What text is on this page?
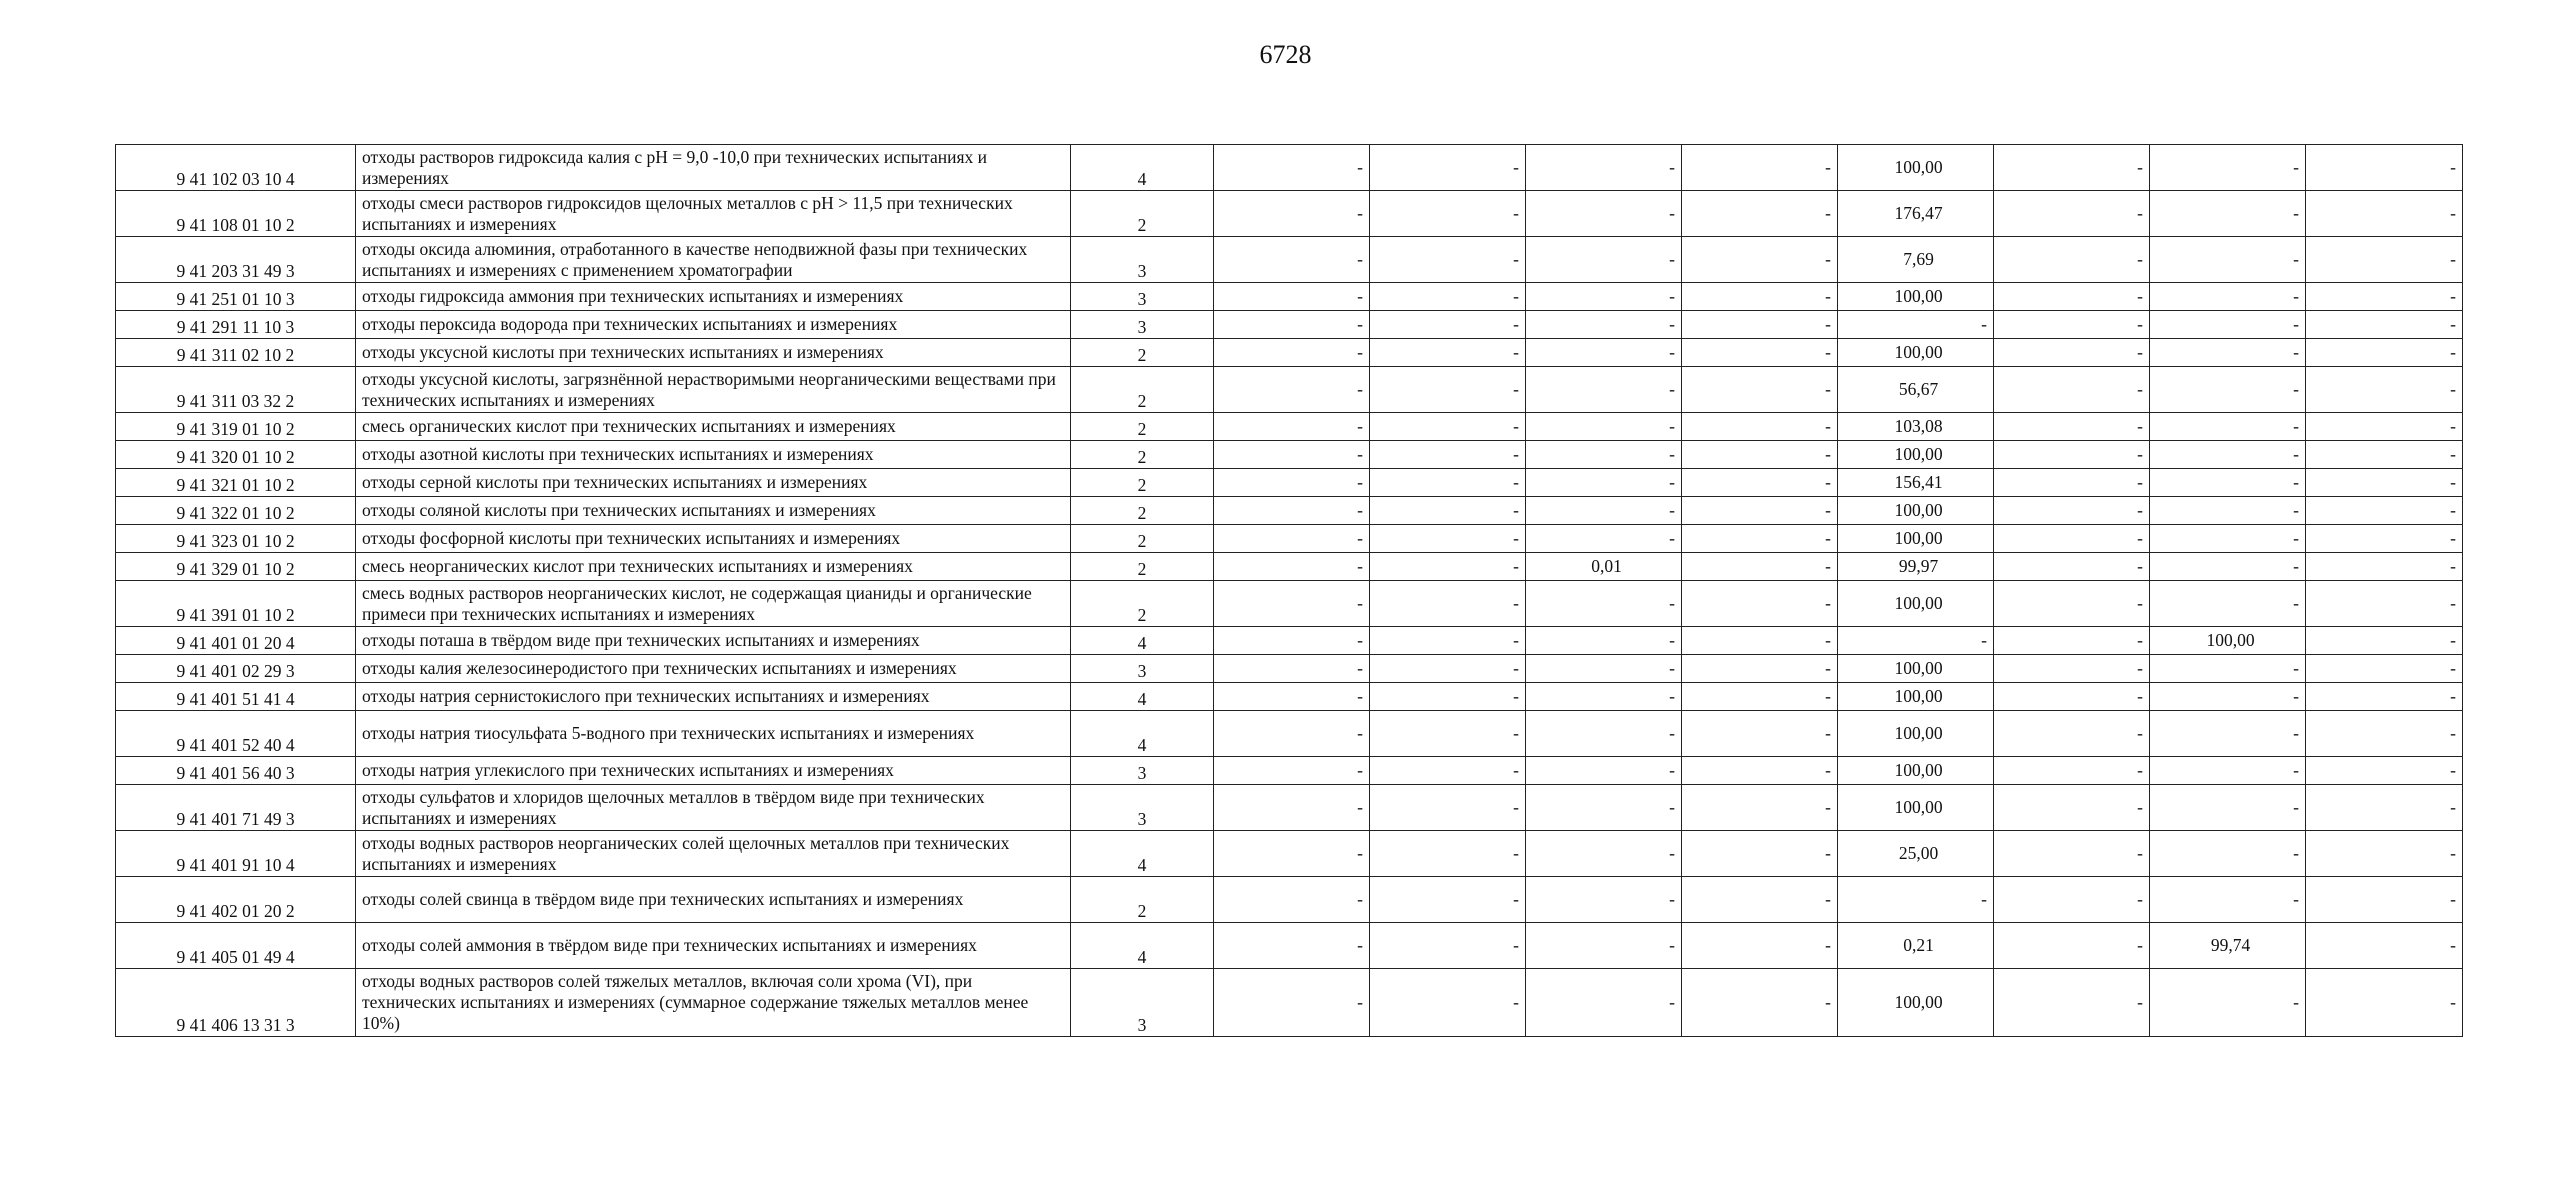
6728
9 41 102 03 10 4	отходы растворов гидроксида калия с pH = 9,0 -10,0 при технических испытаниях и измерениях	4	-	-	-	-	100,00	-	-	-
9 41 108 01 10 2	отходы смеси растворов гидроксидов щелочных металлов с pH > 11,5 при технических испытаниях и измерениях	2	-	-	-	-	176,47	-	-	-
9 41 203 31 49 3	отходы оксида алюминия, отработанного в качестве неподвижной фазы при технических испытаниях и измерениях с применением хроматографии	3	-	-	-	-	7,69	-	-	-
9 41 251 01 10 3	отходы гидроксида аммония при технических испытаниях и измерениях	3	-	-	-	-	100,00	-	-	-
9 41 291 11 10 3	отходы пероксида водорода при технических испытаниях и измерениях	3	-	-	-	-	-	-	-	-
9 41 311 02 10 2	отходы уксусной кислоты при технических испытаниях и измерениях	2	-	-	-	-	100,00	-	-	-
9 41 311 03 32 2	отходы уксусной кислоты, загрязнённой нерастворимыми неорганическими веществами при технических испытаниях и измерениях	2	-	-	-	-	56,67	-	-	-
9 41 319 01 10 2	смесь органических кислот при технических испытаниях и измерениях	2	-	-	-	-	103,08	-	-	-
9 41 320 01 10 2	отходы азотной кислоты при технических испытаниях и измерениях	2	-	-	-	-	100,00	-	-	-
9 41 321 01 10 2	отходы серной кислоты при технических испытаниях и измерениях	2	-	-	-	-	156,41	-	-	-
9 41 322 01 10 2	отходы соляной кислоты при технических испытаниях и измерениях	2	-	-	-	-	100,00	-	-	-
9 41 323 01 10 2	отходы фосфорной кислоты при технических испытаниях и измерениях	2	-	-	-	-	100,00	-	-	-
9 41 329 01 10 2	смесь неорганических кислот при технических испытаниях и измерениях	2	-	-	0,01	-	99,97	-	-	-
9 41 391 01 10 2	смесь водных растворов неорганических кислот, не содержащая цианиды и органические примеси при технических испытаниях и измерениях	2	-	-	-	-	100,00	-	-	-
9 41 401 01 20 4	отходы поташа в твёрдом виде при технических испытаниях и измерениях	4	-	-	-	-	-	-	100,00	-
9 41 401 02 29 3	отходы калия железосинеродистого при технических испытаниях и измерениях	3	-	-	-	-	100,00	-	-	-
9 41 401 51 41 4	отходы натрия сернистокислого при технических испытаниях и измерениях	4	-	-	-	-	100,00	-	-	-
9 41 401 52 40 4	отходы натрия тиосульфата 5-водного при технических испытаниях и измерениях	4	-	-	-	-	100,00	-	-	-
9 41 401 56 40 3	отходы натрия углекислого при технических испытаниях и измерениях	3	-	-	-	-	100,00	-	-	-
9 41 401 71 49 3	отходы сульфатов и хлоридов щелочных металлов в твёрдом виде при технических испытаниях и измерениях	3	-	-	-	-	100,00	-	-	-
9 41 401 91 10 4	отходы водных растворов неорганических солей щелочных металлов при технических испытаниях и измерениях	4	-	-	-	-	25,00	-	-	-
9 41 402 01 20 2	отходы солей свинца в твёрдом виде при технических испытаниях и измерениях	2	-	-	-	-	-	-	-	-
9 41 405 01 49 4	отходы солей аммония в твёрдом виде при технических испытаниях и измерениях	4	-	-	-	-	0,21	-	99,74	-
9 41 406 13 31 3	отходы водных растворов солей тяжелых металлов, включая соли хрома (VI), при технических испытаниях и измерениях (суммарное содержание тяжелых металлов менее 10%)	3	-	-	-	-	100,00	-	-	-
